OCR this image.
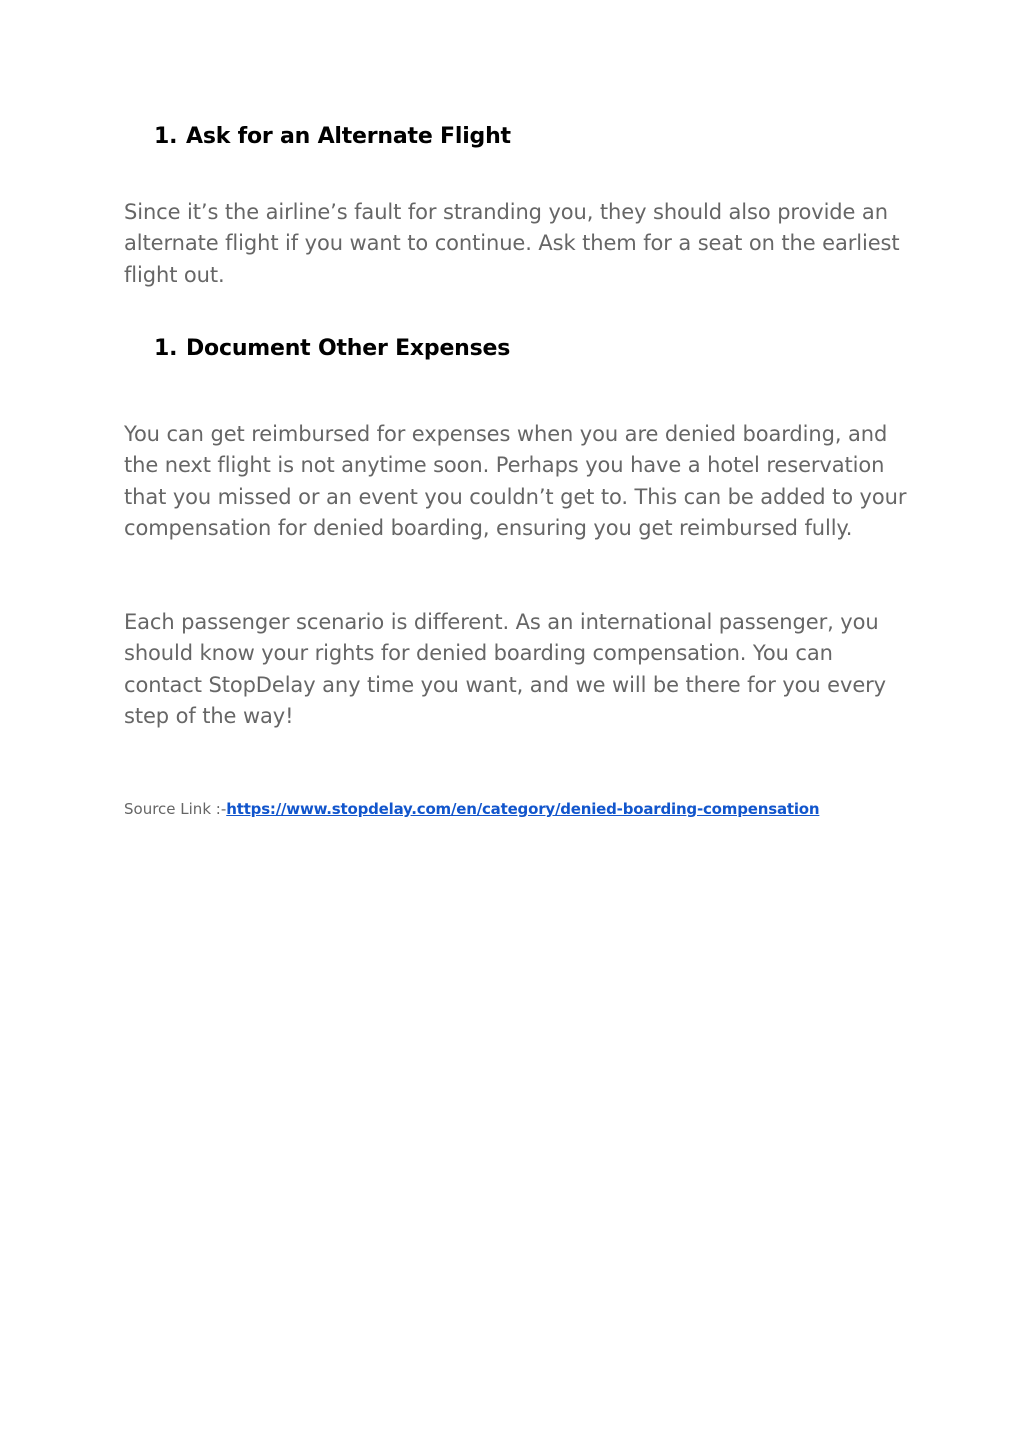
1. Ask for an Alternate Flight

Since it’s the airline’s fault for stranding you, they should also provide an alternate flight if you want to continue. Ask them for a seat on the earliest flight out.

1. Document Other Expenses

You can get reimbursed for expenses when you are denied boarding, and the next flight is not anytime soon. Perhaps you have a hotel reservation that you missed or an event you couldn’t get to. This can be added to your compensation for denied boarding, ensuring you get reimbursed fully.

Each passenger scenario is different. As an international passenger, you should know your rights for denied boarding compensation. You can contact StopDelay any time you want, and we will be there for you every step of the way!

Source Link :-https://www.stopdelay.com/en/category/denied-boarding-compensation
